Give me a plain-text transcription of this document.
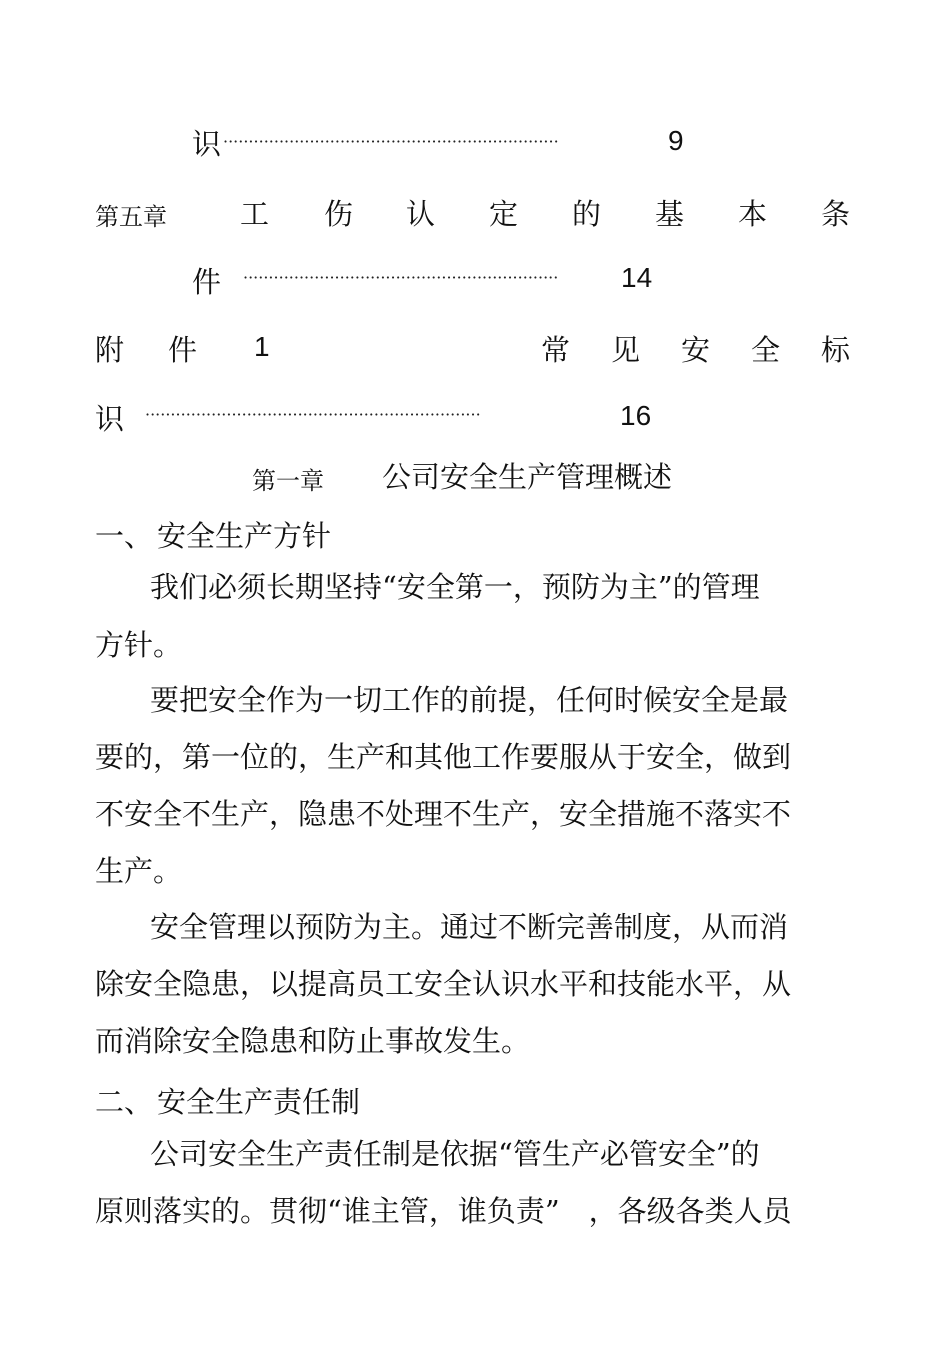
识 ··································································	9
第五章	工 伤 认 定 的 基 本 条
件 ······························································ 14
附 件 1	常 见 安 全 标
识 ··································································	16
第一章 公司安全生产管理概述
一、 安全生产方针
我们必须长期坚持“安全第一，预防为主”的管理
方针。
要把安全作为一切工作的前提，任何时候安全是最
要的，第一位的，生产和其他工作要服从于安全，做到
不安全不生产，隐患不处理不生产，安全措施不落实不
生产。
安全管理以预防为主。通过不断完善制度，从而消
除安全隐患，以提高员工安全认识水平和技能水平，从
而消除安全隐患和防止事故发生。
二、 安全生产责任制
公司安全生产责任制是依据“管生产必管安全”的
原则落实的。贯彻“谁主管，谁负责”　，各级各类人员
